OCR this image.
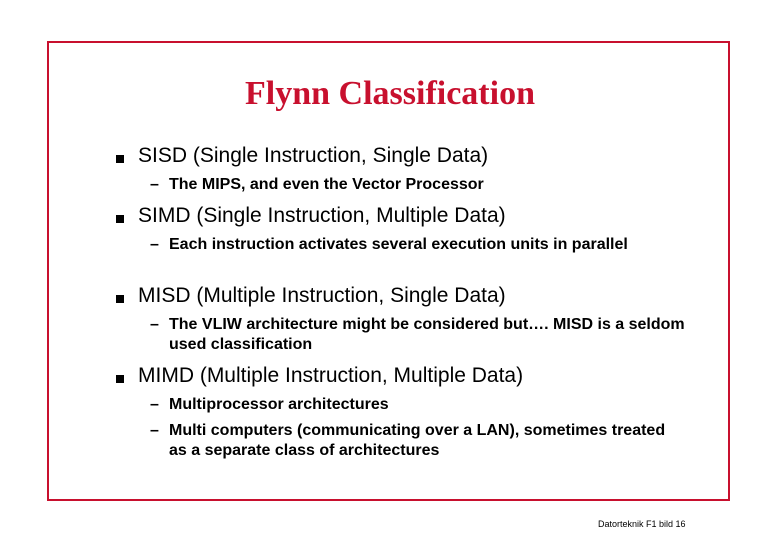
Flynn Classification
SISD (Single Instruction, Single Data)
– The MIPS, and even the Vector Processor
SIMD (Single Instruction, Multiple Data)
– Each instruction activates several execution units in parallel
MISD (Multiple Instruction, Single Data)
– The VLIW architecture might be considered but…. MISD is a seldom used classification
MIMD (Multiple Instruction, Multiple Data)
– Multiprocessor architectures
– Multi computers (communicating over a LAN), sometimes treated as a separate class of architectures
Datorteknik F1 bild 16
